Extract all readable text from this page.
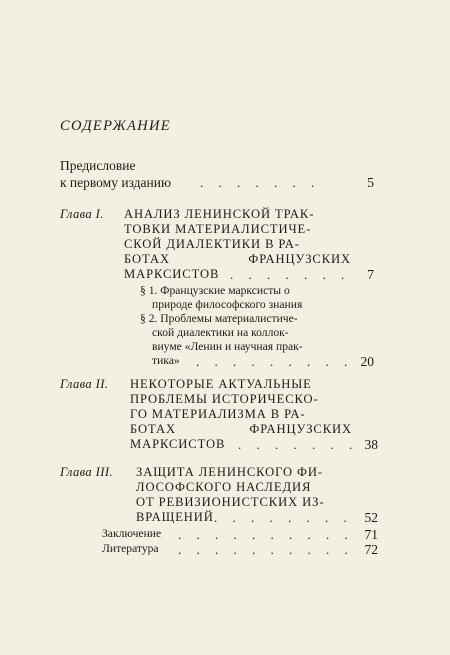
СОДЕРЖАНИЕ
Предисловие
к первому изданию . . . . . . .	5
Глава I. АНАЛИЗ ЛЕНИНСКОЙ ТРАК-
ТОВКИ МАТЕРИАЛИСТИЧЕ-
СКОЙ ДИАЛЕКТИКИ В РА-
БОТАХ ФРАНЦУЗСКИХ
МАРКСИСТОВ . . . . . . .	7
§ 1. Французские марксисты о
природе философского знания
§ 2. Проблемы материалистиче-
ской диалектики на коллок-
виуме «Ленин и научная прак-
тика» . . . . . . . . . 20
Глава II. НЕКОТОРЫЕ АКТУАЛЬНЫЕ
ПРОБЛЕМЫ ИСТОРИЧЕСКО-
ГО МАТЕРИАЛИЗМА В РА-
БОТАХ ФРАНЦУЗСКИХ
МАРКСИСТОВ . . . . . . . 38
Глава III. ЗАЩИТА ЛЕНИНСКОГО ФИ-
ЛОСОФСКОГО НАСЛЕДИЯ
ОТ РЕВИЗИОНИСТСКИХ ИЗ-
ВРАЩЕНИЙ . . . . . . . . 52
Заключение . . . . . . . . . . 71
Литература . . . . . . . . . . 72
